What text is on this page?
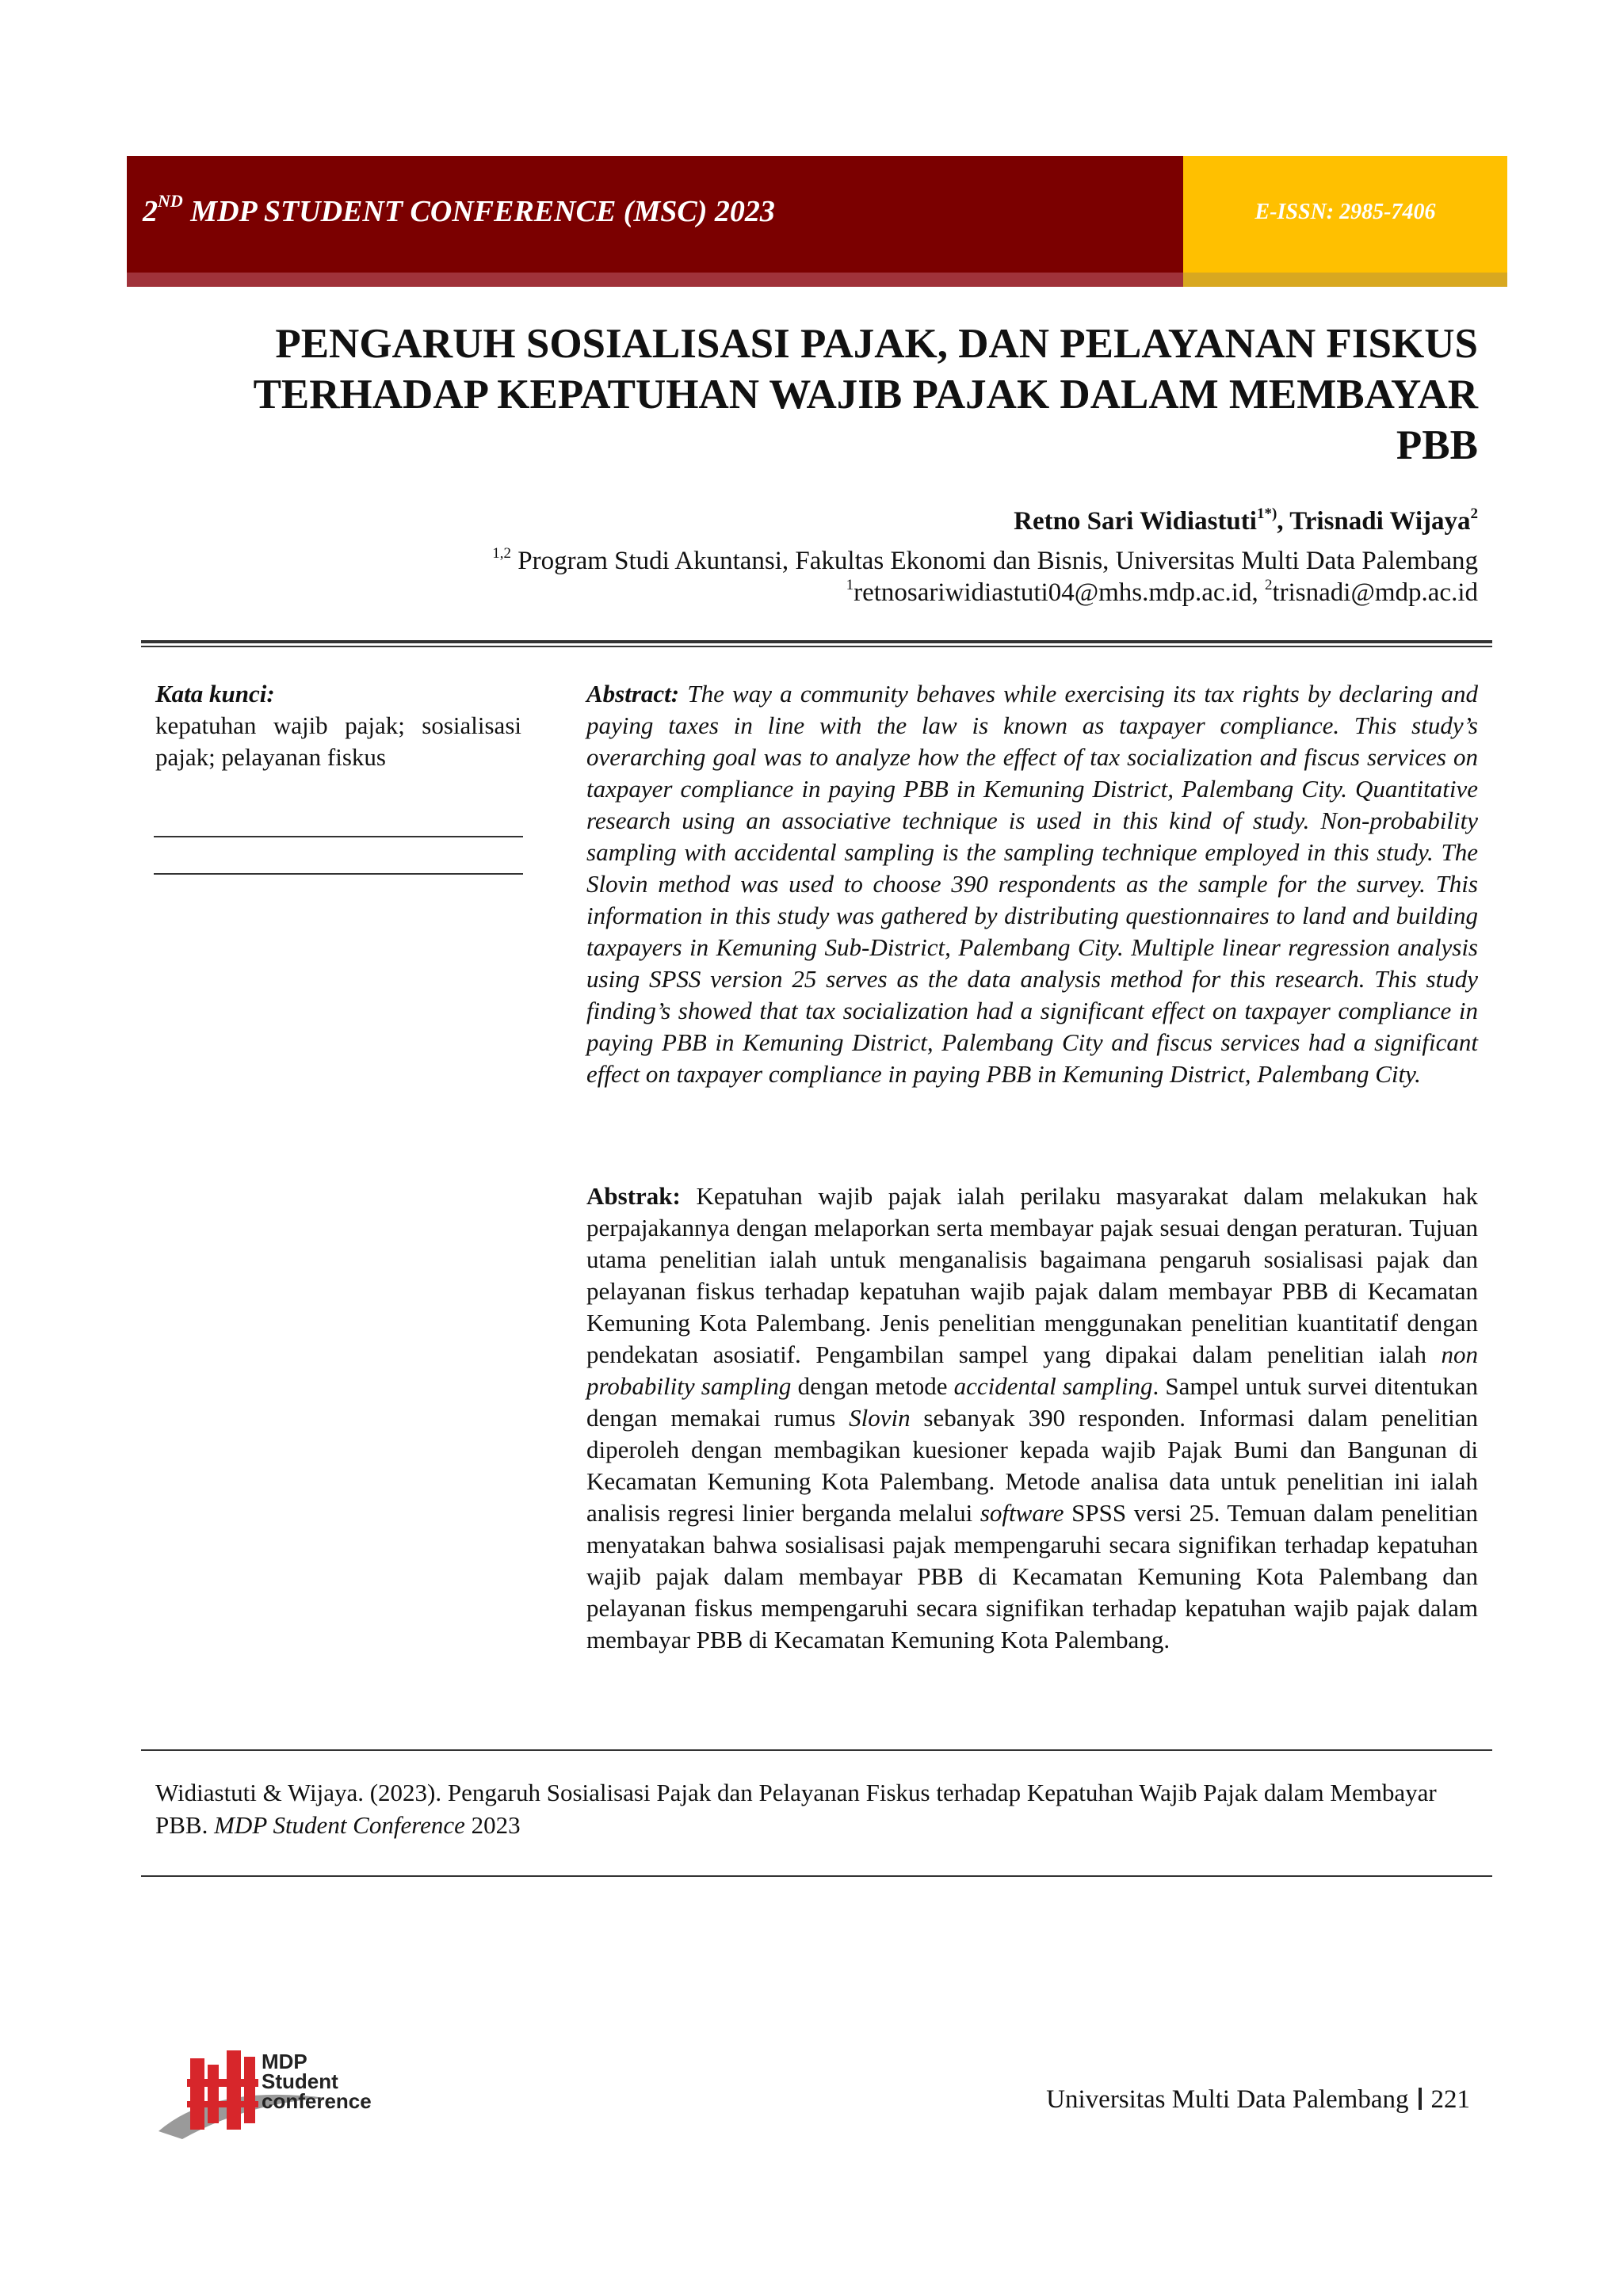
2ND MDP STUDENT CONFERENCE (MSC) 2023	E-ISSN: 2985-7406
PENGARUH SOSIALISASI PAJAK, DAN PELAYANAN FISKUS
TERHADAP KEPATUHAN WAJIB PAJAK DALAM MEMBAYAR
PBB
Retno Sari Widiastuti$^{1*)}$, Trisnadi Wijaya$^2$
$^{1,2}$ Program Studi Akuntansi, Fakultas Ekonomi dan Bisnis, Universitas Multi Data Palembang
$^1$retnosariwidiastuti04@mhs.mdp.ac.id, $^2$trisnadi@mdp.ac.id
Kata kunci:
kepatuhan wajib pajak; sosialisasi pajak; pelayanan fiskus
Abstract: The way a community behaves while exercising its tax rights by declaring and paying taxes in line with the law is known as taxpayer compliance. This study’s overarching goal was to analyze how the effect of tax socialization and fiscus services on taxpayer compliance in paying PBB in Kemuning District, Palembang City. Quantitative research using an associative technique is used in this kind of study. Non-probability sampling with accidental sampling is the sampling technique employed in this study. The Slovin method was used to choose 390 respondents as the sample for the survey. This information in this study was gathered by distributing questionnaires to land and building taxpayers in Kemuning Sub-District, Palembang City. Multiple linear regression analysis using SPSS version 25 serves as the data analysis method for this research. This study finding’s showed that tax socialization had a significant effect on taxpayer compliance in paying PBB in Kemuning District, Palembang City and fiscus services had a significant effect on taxpayer compliance in paying PBB in Kemuning District, Palembang City.
Abstrak: Kepatuhan wajib pajak ialah perilaku masyarakat dalam melakukan hak perpajakannya dengan melaporkan serta membayar pajak sesuai dengan peraturan. Tujuan utama penelitian ialah untuk menganalisis bagaimana pengaruh sosialisasi pajak dan pelayanan fiskus terhadap kepatuhan wajib pajak dalam membayar PBB di Kecamatan Kemuning Kota Palembang. Jenis penelitian menggunakan penelitian kuantitatif dengan pendekatan asosiatif. Pengambilan sampel yang dipakai dalam penelitian ialah non probability sampling dengan metode accidental sampling. Sampel untuk survei ditentukan dengan memakai rumus Slovin sebanyak 390 responden. Informasi dalam penelitian diperoleh dengan membagikan kuesioner kepada wajib Pajak Bumi dan Bangunan di Kecamatan Kemuning Kota Palembang. Metode analisa data untuk penelitian ini ialah analisis regresi linier berganda melalui software SPSS versi 25. Temuan dalam penelitian menyatakan bahwa sosialisasi pajak mempengaruhi secara signifikan terhadap kepatuhan wajib pajak dalam membayar PBB di Kecamatan Kemuning Kota Palembang dan pelayanan fiskus mempengaruhi secara signifikan terhadap kepatuhan wajib pajak dalam membayar PBB di Kecamatan Kemuning Kota Palembang.
Widiastuti & Wijaya. (2023). Pengaruh Sosialisasi Pajak dan Pelayanan Fiskus terhadap Kepatuhan Wajib Pajak dalam Membayar PBB. MDP Student Conference 2023
MDP
Student
conference	Universitas Multi Data Palembang 221
